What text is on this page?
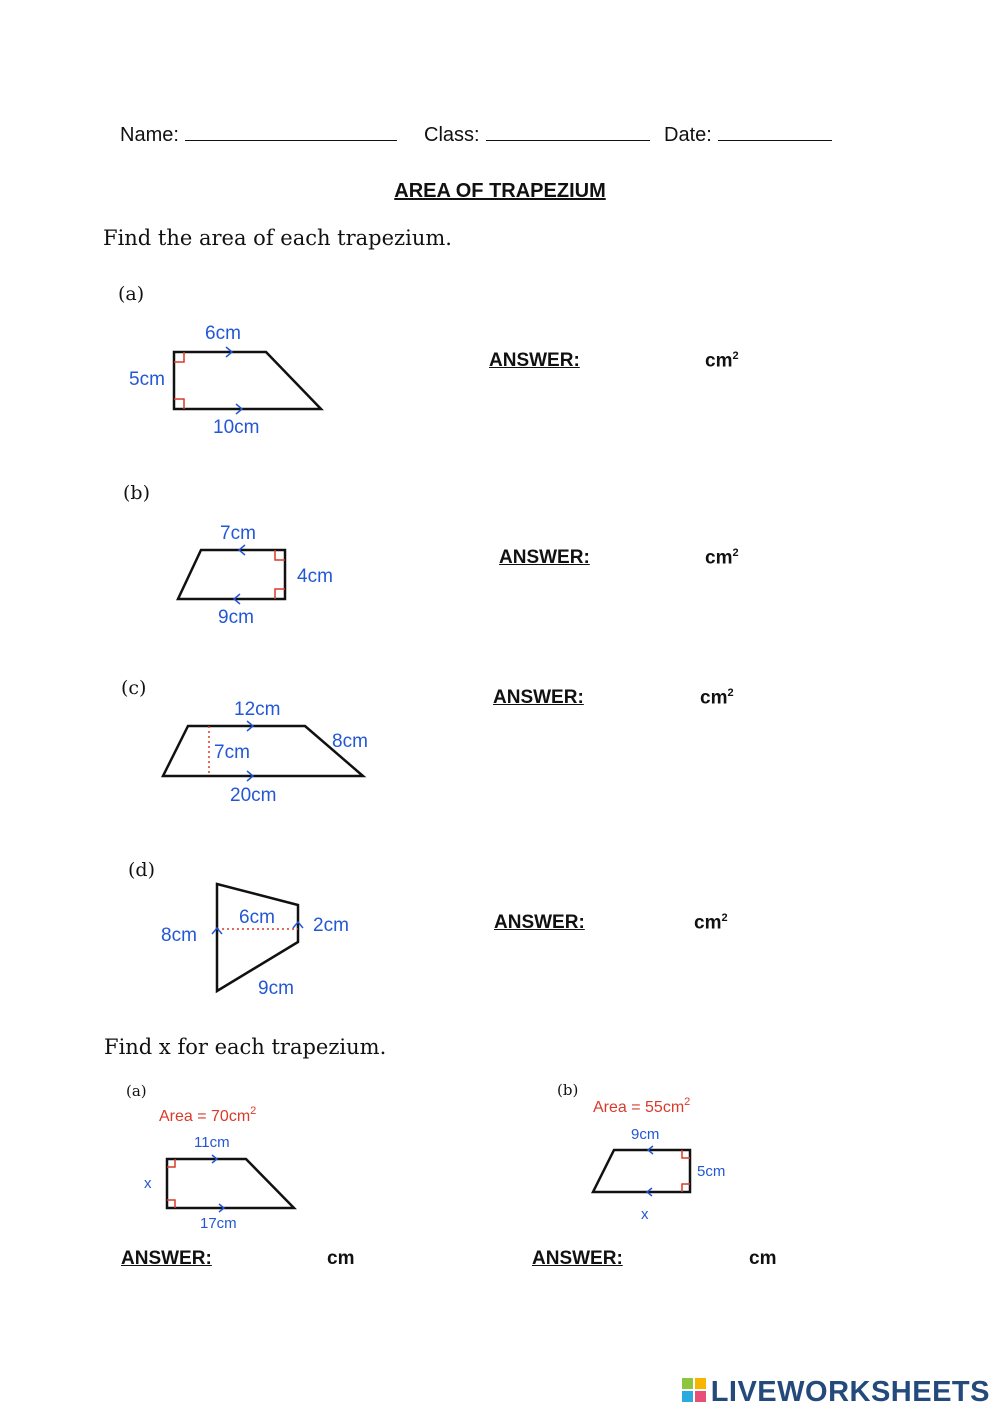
Name:	Class:	Date:
AREA OF TRAPEZIUM
Find the area of each trapezium.
(a)
6cm
5cm
10cm
ANSWER:	$cm^2$
(b)
7cm
4cm
9cm
ANSWER:	$cm^2$
(c)
12cm
8cm
7cm
20cm
ANSWER:	$cm^2$
(d)
6cm 2cm
8cm
9cm
ANSWER:	$cm^2$
Find x for each trapezium.
(a)
Area = $70cm^2$
11cm
x
17cm
ANSWER:	cm
(b)
Area = $55cm^2$
9cm
5cm
x
ANSWER:	cm
LIVEWORKSHEETS
